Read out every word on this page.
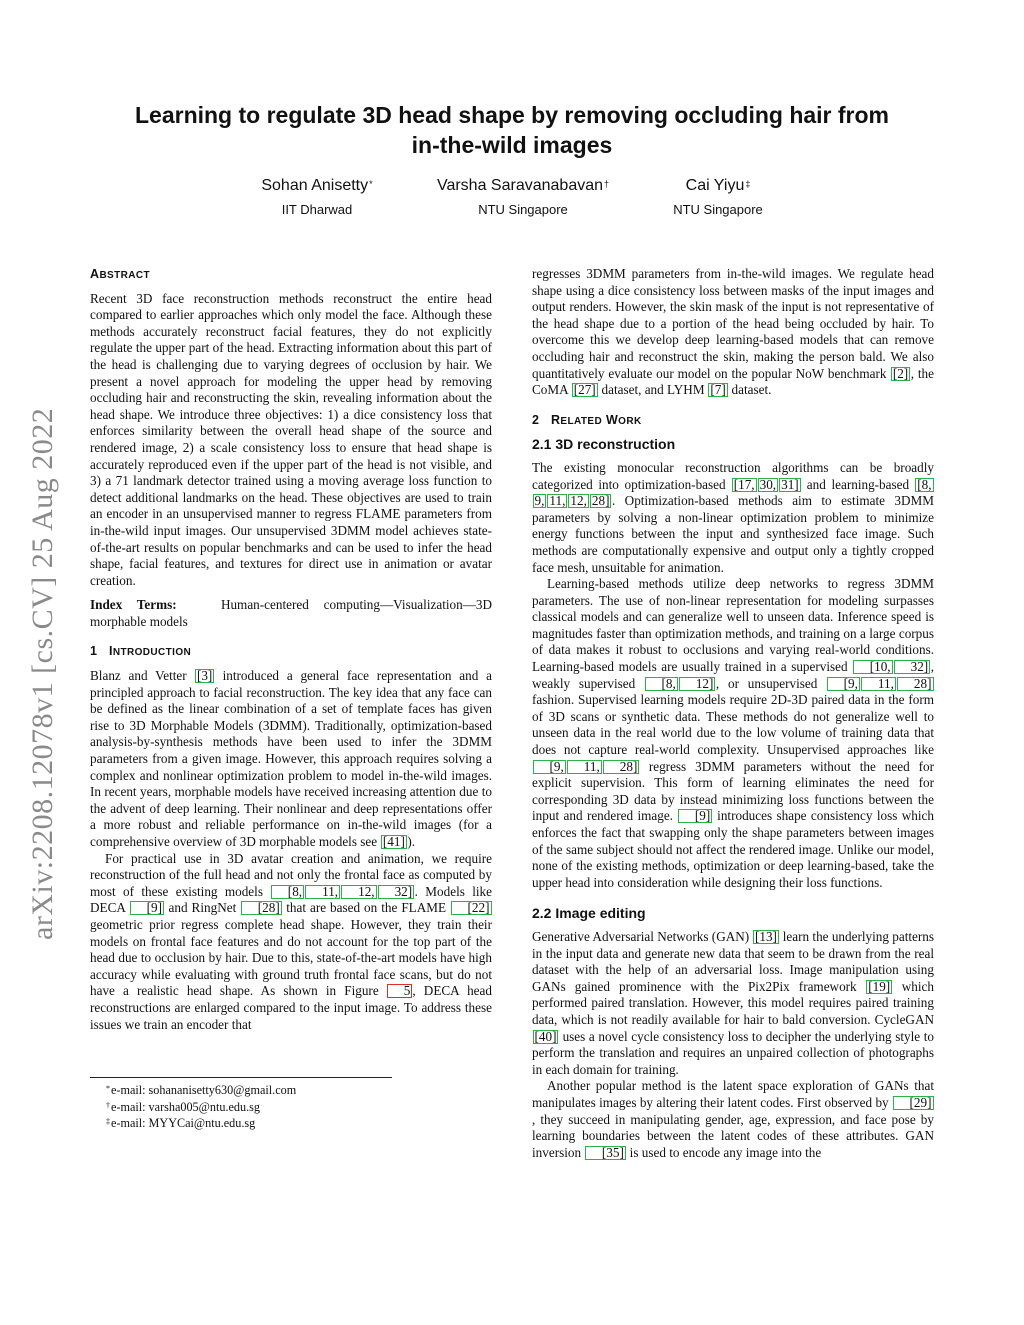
arXiv:2208.12078v1 [cs.CV] 25 Aug 2022
Learning to regulate 3D head shape by removing occluding hair from
in-the-wild images
Sohan Anisetty*
IIT Dharwad
Varsha Saravanabavan†
NTU Singapore
Cai Yiyu‡
NTU Singapore
ABSTRACT

Recent 3D face reconstruction methods reconstruct the entire head compared to earlier approaches which only model the face. Although these methods accurately reconstruct facial features, they do not explicitly regulate the upper part of the head. Extracting information about this part of the head is challenging due to varying degrees of occlusion by hair. We present a novel approach for modeling the upper head by removing occluding hair and reconstructing the skin, revealing information about the head shape. We introduce three objectives: 1) a dice consistency loss that enforces similarity between the overall head shape of the source and rendered image, 2) a scale consistency loss to ensure that head shape is accurately reproduced even if the upper part of the head is not visible, and 3) a 71 landmark detector trained using a moving average loss function to detect additional landmarks on the head. These objectives are used to train an encoder in an unsupervised manner to regress FLAME parameters from in-the-wild input images. Our unsupervised 3DMM model achieves state-of-the-art results on popular benchmarks and can be used to infer the head shape, facial features, and textures for direct use in animation or avatar creation.

Index Terms:	Human-centered computing—Visualization—3D morphable models

1 INTRODUCTION

Blanz and Vetter [3] introduced a general face representation and a principled approach to facial reconstruction. The key idea that any face can be defined as the linear combination of a set of template faces has given rise to 3D Morphable Models (3DMM). Traditionally, optimization-based analysis-by-synthesis methods have been used to infer the 3DMM parameters from a given image. However, this approach requires solving a complex and nonlinear optimization problem to model in-the-wild images. In recent years, morphable models have received increasing attention due to the advent of deep learning. Their nonlinear and deep representations offer a more robust and reliable performance on in-the-wild images (for a comprehensive overview of 3D morphable models see [41] ).

For practical use in 3D avatar creation and animation, we require reconstruction of the full head and not only the frontal face as computed by most of these existing models [8, 11, 12, 32] . Models like DECA [9] and RingNet [28] that are based on the FLAME [22] geometric prior regress complete head shape. However, they train their models on frontal face features and do not account for the top part of the head due to occlusion by hair. Due to this, state-of-the-art models have high accuracy while evaluating with ground truth frontal face scans, but do not have a realistic head shape. As shown in Figure 5 , DECA head reconstructions are enlarged compared to the input image. To address these issues we train an encoder that

*e-mail: sohananisetty630@gmail.com
†e-mail: varsha005@ntu.edu.sg
‡e-mail: MYYCai@ntu.edu.sg

regresses 3DMM parameters from in-the-wild images. We regulate head shape using a dice consistency loss between masks of the input images and output renders. However, the skin mask of the input is not representative of the head shape due to a portion of the head being occluded by hair. To overcome this we develop deep learning-based models that can remove occluding hair and reconstruct the skin, making the person bald. We also quantitatively evaluate our model on the popular NoW benchmark [2] , the CoMA [27] dataset, and LYHM [7] dataset.

2 RELATED WORK
2.1 3D reconstruction

The existing monocular reconstruction algorithms can be broadly categorized into optimization-based [17, 30, 31] and learning-based [8,9, 11, 12, 28] . Optimization-based methods aim to estimate 3DMM parameters by solving a non-linear optimization problem to minimize energy functions between the input and synthesized face image. Such methods are computationally expensive and output only a tightly cropped face mesh, unsuitable for animation.

Learning-based methods utilize deep networks to regress 3DMM parameters. The use of non-linear representation for modeling surpasses classical models and can generalize well to unseen data. Inference speed is magnitudes faster than optimization methods, and training on a large corpus of data makes it robust to occlusions and varying real-world conditions. Learning-based models are usually trained in a supervised [10, 32] , weakly supervised [8, 12] , or unsupervised [9, 11, 28] fashion. Supervised learning models require 2D-3D paired data in the form of 3D scans or synthetic data. These methods do not generalize well to unseen data in the real world due to the low volume of training data that does not capture real-world complexity. Unsupervised approaches like [9, 11, 28] regress 3DMM parameters without the need for explicit supervision. This form of learning eliminates the need for corresponding 3D data by instead minimizing loss functions between the input and rendered image. [9] introduces shape consistency loss which enforces the fact that swapping only the shape parameters between images of the same subject should not affect the rendered image. Unlike our model, none of the existing methods, optimization or deep learning-based, take the upper head into consideration while designing their loss functions.

2.2 Image editing

Generative Adversarial Networks (GAN) [13] learn the underlying patterns in the input data and generate new data that seem to be drawn from the real dataset with the help of an adversarial loss. Image manipulation using GANs gained prominence with the Pix2Pix framework [19] which performed paired translation. However, this model requires paired training data, which is not readily available for hair to bald conversion. CycleGAN [40] uses a novel cycle consistency loss to decipher the underlying style to perform the translation and requires an unpaired collection of photographs in each domain for training.

Another popular method is the latent space exploration of GANs that manipulates images by altering their latent codes. First observed by [29], they succeed in manipulating gender, age, expression, and face pose by learning boundaries between the latent codes of these attributes. GAN inversion [35] is used to encode any image into the
